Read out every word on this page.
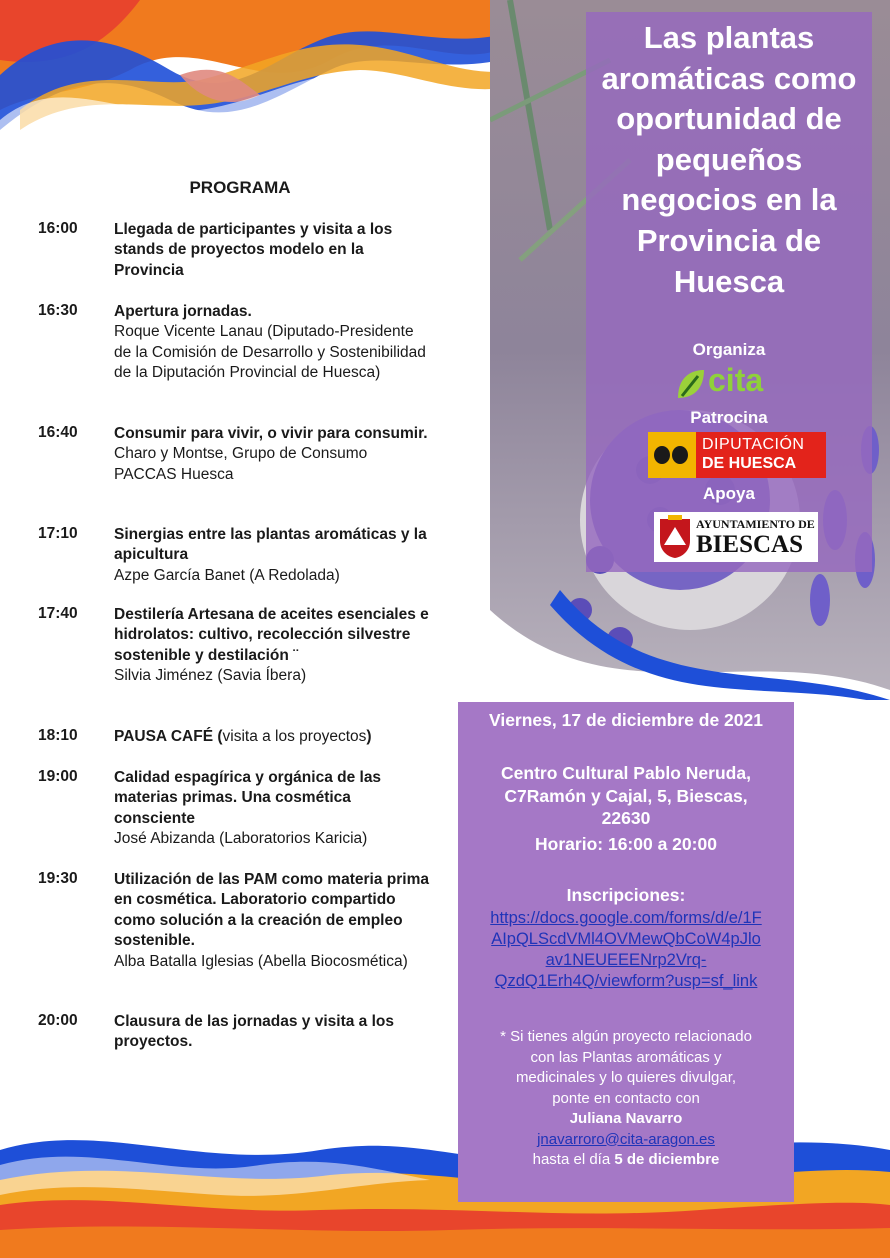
PROGRAMA
16:00	Llegada de participantes y visita a los stands de proyectos modelo en la Provincia
16:30	Apertura jornadas.
Roque Vicente Lanau (Diputado-Presidente de la Comisión de Desarrollo y Sostenibilidad de la Diputación Provincial de Huesca)
16:40	Consumir para vivir, o vivir para consumir.
Charo y Montse, Grupo de Consumo PACCAS Huesca
17:10	Sinergias entre las plantas aromáticas y la apicultura
Azpe García Banet (A Redolada)
17:40	Destilería Artesana de aceites esenciales e hidrolatos: cultivo, recolección silvestre sostenible y destilación ¨
Silvia Jiménez (Savia Íbera)
18:10	PAUSA CAFÉ (visita a los proyectos)
19:00	Calidad espagírica y orgánica de las materias primas. Una cosmética consciente
José Abizanda (Laboratorios Karicia)
19:30	Utilización de las PAM como materia prima en cosmética. Laboratorio compartido como solución a la creación de empleo sostenible.
Alba Batalla Iglesias (Abella Biocosmética)
20:00	Clausura de las jornadas y visita a los proyectos.
Las plantas aromáticas como oportunidad de pequeños negocios en la Provincia de Huesca
Organiza
cita
Patrocina
DIPUTACIÓN
DE HUESCA
Apoya
AYUNTAMIENTO DE
BIESCAS
Viernes, 17 de diciembre de 2021
Centro Cultural Pablo Neruda,
C7Ramón y Cajal, 5, Biescas,
22630
Horario: 16:00 a 20:00
Inscripciones:
https://docs.google.com/forms/d/e/1F
AIpQLScdVMl4OVMewQbCoW4pJlo
av1NEUEEENrp2Vrq-
QzdQ1Erh4Q/viewform?usp=sf_link
* Si tienes algún proyecto relacionado
con las Plantas aromáticas y
medicinales y lo quieres divulgar,
ponte en contacto con
Juliana Navarro
jnavarroro@cita-aragon.es
hasta el día 5 de diciembre
